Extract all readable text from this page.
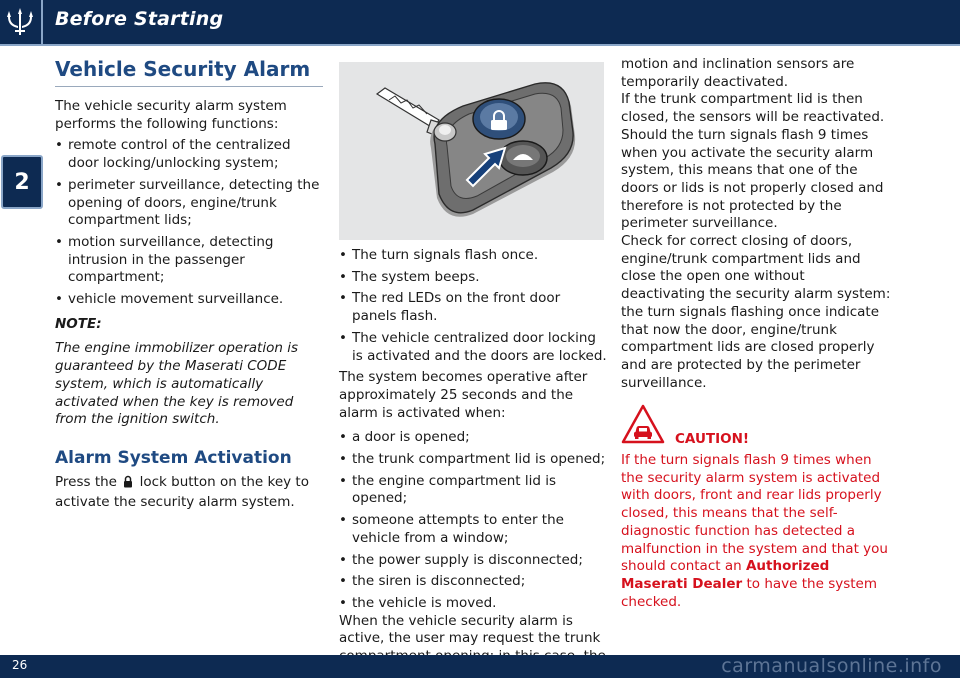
Before Starting
2
Vehicle Security Alarm

The vehicle security alarm system performs the following functions:

• remote control of the centralized door locking/unlocking system;
• perimeter surveillance, detecting the opening of doors, engine/trunk compartment lids;
• motion surveillance, detecting intrusion in the passenger compartment;
• vehicle movement surveillance.

NOTE:

The engine immobilizer operation is guaranteed by the Maserati CODE system, which is automatically activated when the key is removed from the ignition switch.

Alarm System Activation

Press the lock button on the key to activate the security alarm system.

• The turn signals flash once.
• The system beeps.
• The red LEDs on the front door panels flash.
• The vehicle centralized door locking is activated and the doors are locked.

The system becomes operative after approximately 25 seconds and the alarm is activated when:

• a door is opened;
• the trunk compartment lid is opened;
• the engine compartment lid is opened;
• someone attempts to enter the vehicle from a window;
• the power supply is disconnected;
• the siren is disconnected;
• the vehicle is moved.

When the vehicle security alarm is active, the user may request the trunk

motion and inclination sensors are temporarily deactivated.

If the trunk compartment lid is then closed, the sensors will be reactivated.

Should the turn signals flash 9 times when you activate the security alarm system, this means that one of the doors or lids is not properly closed and therefore is not protected by the perimeter surveillance.

Check for correct closing of doors, engine/trunk compartment lids and close the open one without deactivating the security alarm system: the turn signals flashing once indicate that now the door, engine/trunk compartment lids are closed properly and are protected by the perimeter surveillance.

CAUTION!

If the turn signals flash 9 times when the security alarm system is activated with doors, front and rear lids properly closed, this means that the self-diagnostic function has detected a malfunction in the system and that you should contact an Authorized Maserati Dealer to have the system checked.

26	carmanualsonline.info
